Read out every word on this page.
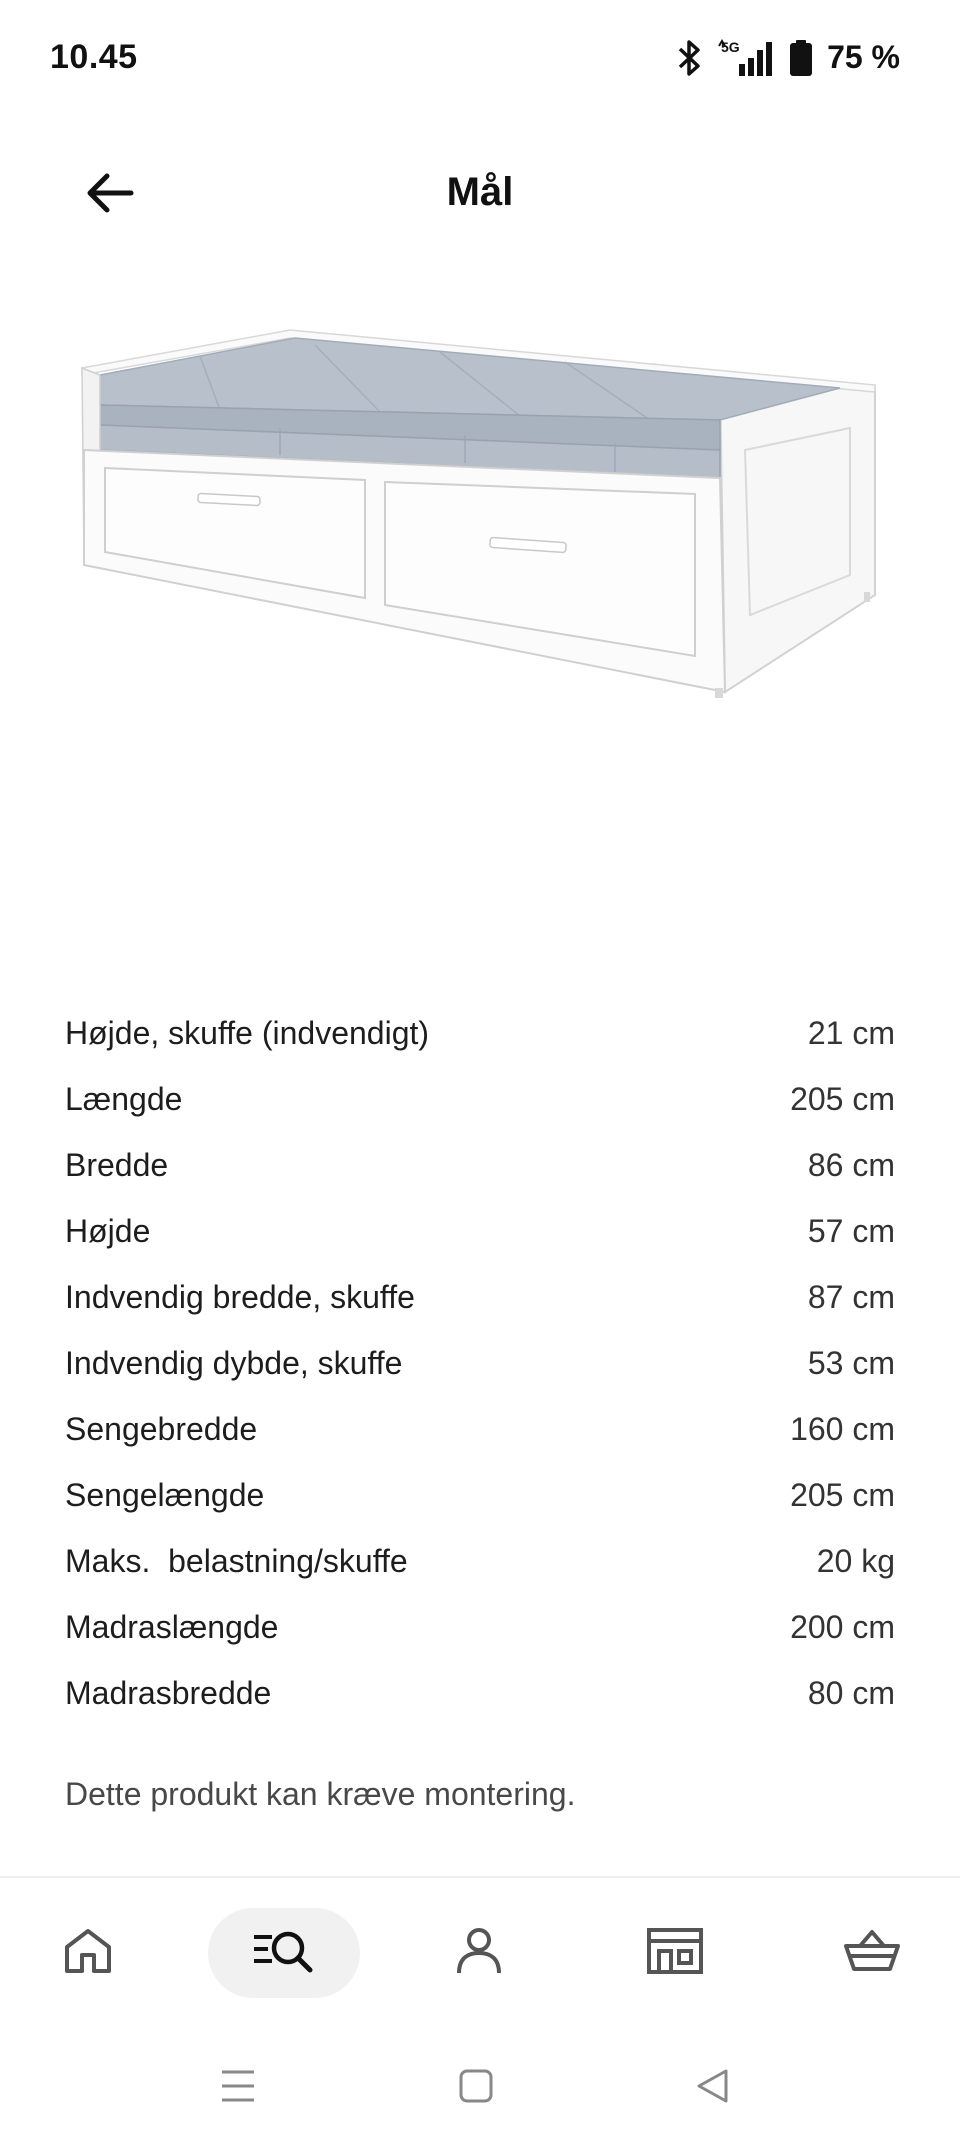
10.45	5G	75 %
Mål
Højde, skuffe (indvendigt)	21 cm
Længde	205 cm
Bredde	86 cm
Højde	57 cm
Indvendig bredde, skuffe	87 cm
Indvendig dybde, skuffe	53 cm
Sengebredde	160 cm
Sengelængde	205 cm
Maks.  belastning/skuffe	20 kg
Madraslængde	200 cm
Madrasbredde	80 cm
Dette produkt kan kræve montering.
